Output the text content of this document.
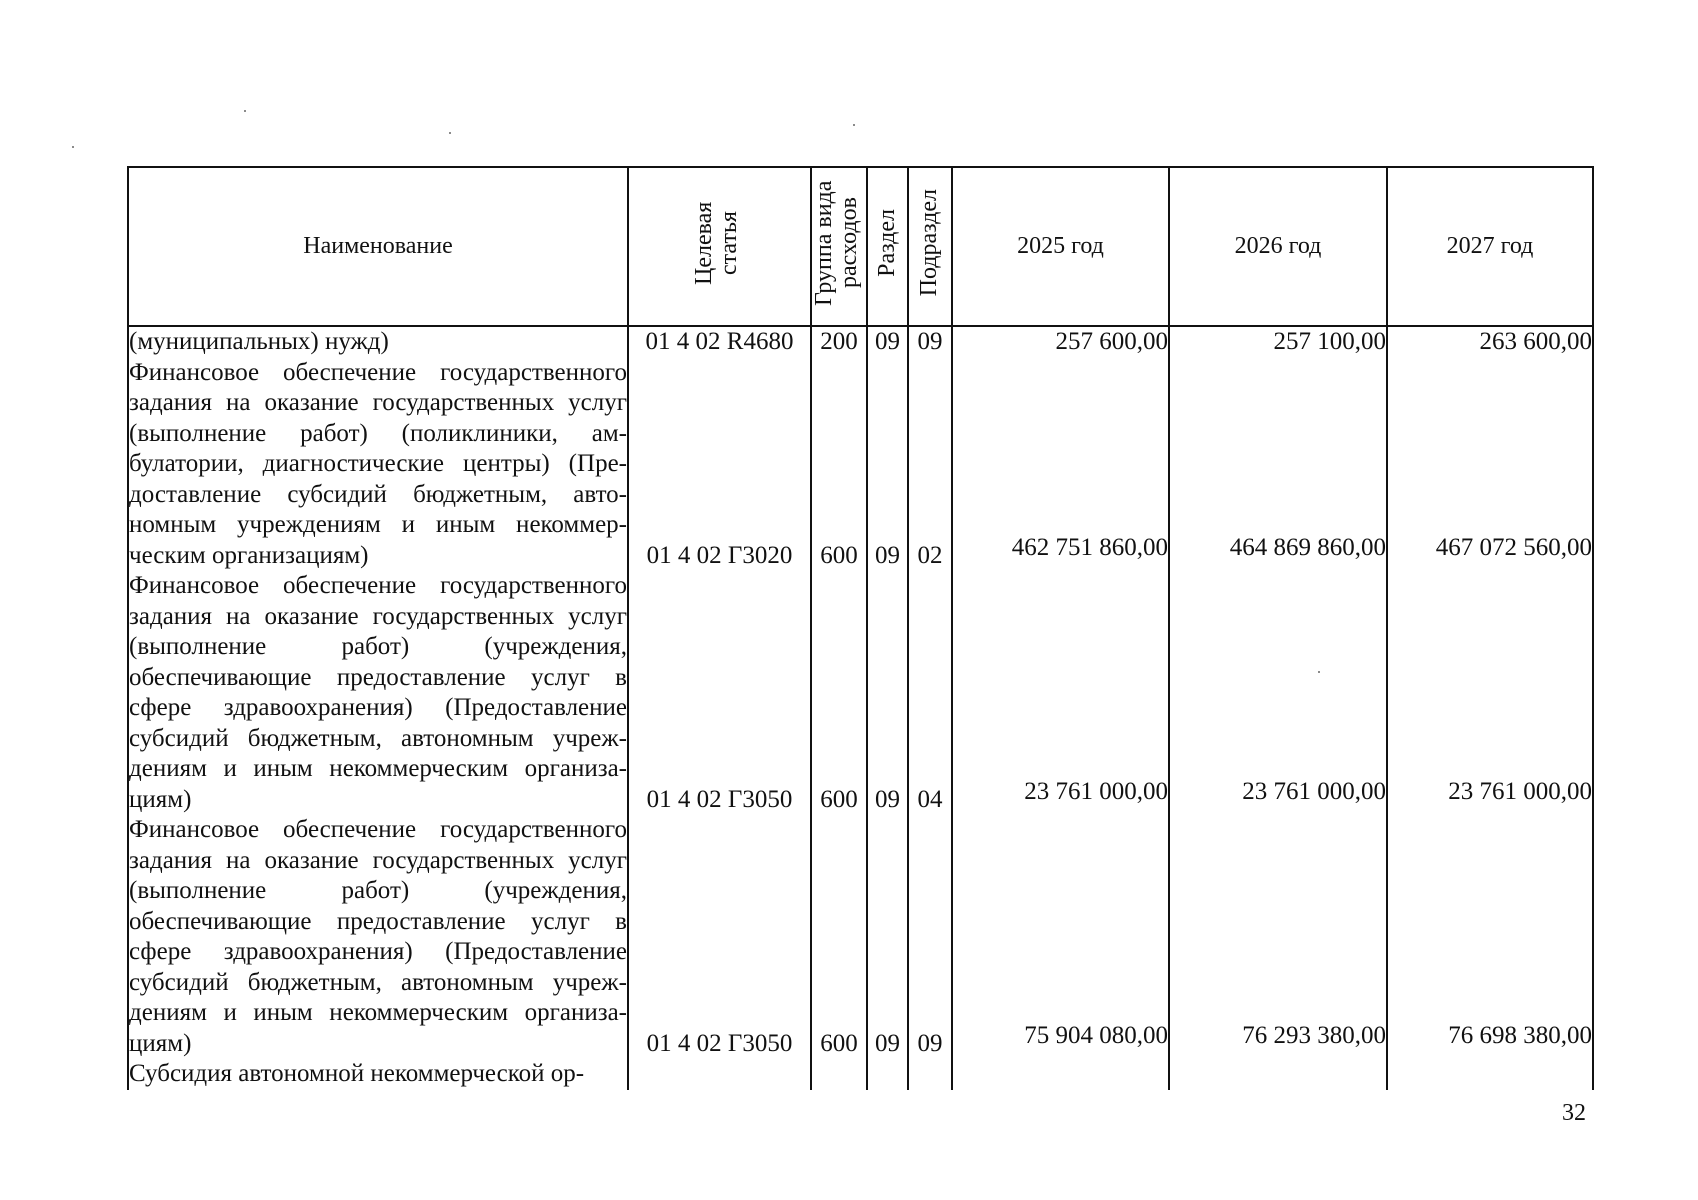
Наименование	Целевая статья	Группа вида расходов	Раздел	Подраздел	2025 год	2026 год	2027 год
(муниципальных) нужд)	01 4 02 R4680	200	09	09	257 600,00	257 100,00	263 600,00
Финансовое обеспечение государственного задания на оказание государственных услуг (выполнение работ) (поликлиники, амбулатории, диагностические центры) (Предоставление субсидий бюджетным, автономным учреждениям и иным некоммерческим организациям)	01 4 02 Г3020	600	09	02	462 751 860,00	464 869 860,00	467 072 560,00
Финансовое обеспечение государственного задания на оказание государственных услуг (выполнение работ) (учреждения, обеспечивающие предоставление услуг в сфере здравоохранения) (Предоставление субсидий бюджетным, автономным учреждениям и иным некоммерческим организациям)	01 4 02 Г3050	600	09	04	23 761 000,00	23 761 000,00	23 761 000,00
Финансовое обеспечение государственного задания на оказание государственных услуг (выполнение работ) (учреждения, обеспечивающие предоставление услуг в сфере здравоохранения) (Предоставление субсидий бюджетным, автономным учреждениям и иным некоммерческим организациям)	01 4 02 Г3050	600	09	09	75 904 080,00	76 293 380,00	76 698 380,00
Субсидия автономной некоммерческой ор-							
32
